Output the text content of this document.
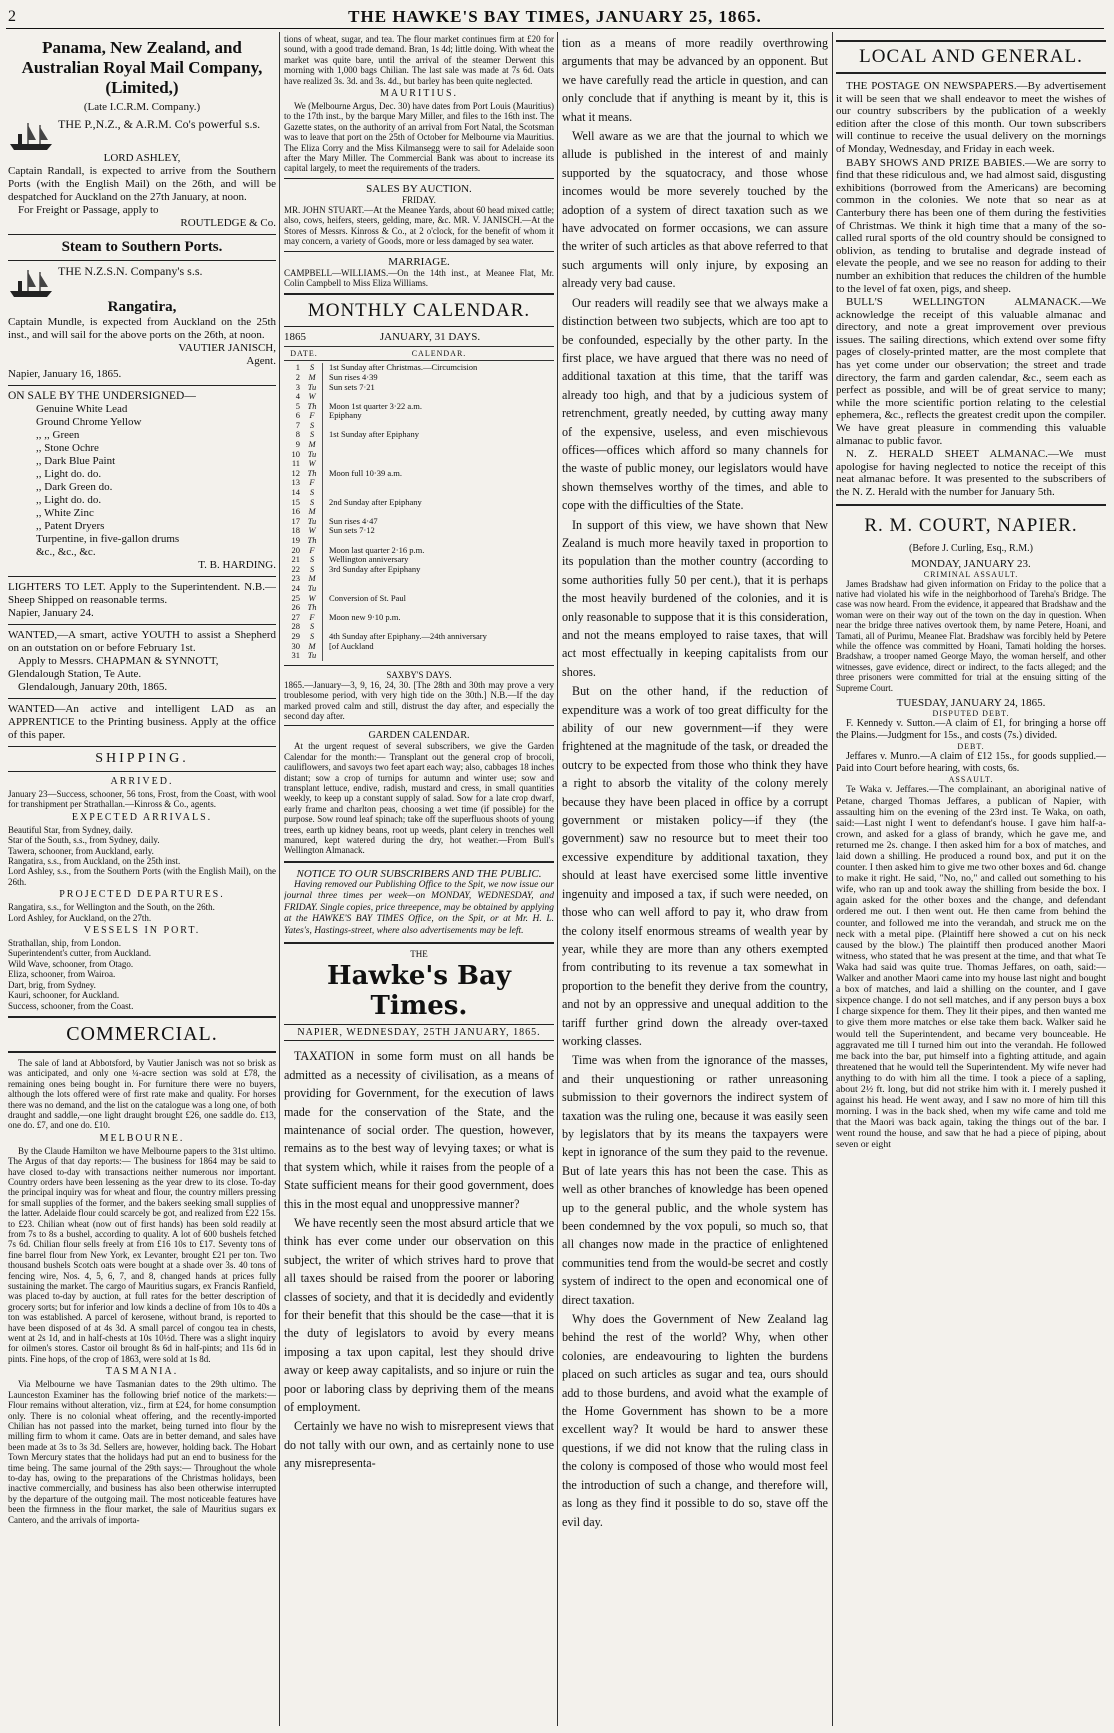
2	THE HAWKE'S BAY TIMES, JANUARY 25, 1865.
Panama, New Zealand, and Australian Royal Mail Company, (Limited,)
(Late I.C.R.M. Company.)
THE P.,N.Z., & A.R.M. Co's powerful s.s.
LORD ASHLEY,
Captain Randall, is expected to arrive from the Southern Ports (with the English Mail) on the 26th, and will be despatched for Auckland on the 27th January, at noon.
For Freight or Passage, apply to
ROUTLEDGE & Co.
Steam to Southern Ports.
THE N.Z.S.N. Company's s.s.
Rangatira,
Captain Mundle, is expected from Auckland on the 25th inst., and will sail for the above ports on the 26th, at noon.
VAUTIER JANISCH,
Agent.
Napier, January 16, 1865.
ON SALE BY THE UNDERSIGNED—
Genuine White Lead
Ground Chrome Yellow
,, ,, Green
,, Stone Ochre
,, Dark Blue Paint
,, Light do. do.
,, Dark Green do.
,, Light do. do.
,, White Zinc
,, Patent Dryers
Turpentine, in five-gallon drums
&c., &c., &c.
T. B. HARDING.
LIGHTERS TO LET. Apply to the Superintendent. N.B.—Sheep Shipped on reasonable terms.
Napier, January 24.
WANTED,—A smart, active YOUTH to assist a Shepherd on an outstation on or before February 1st.
Apply to Messrs. CHAPMAN & SYNNOTT, Glendalough Station, Te Aute.
Glendalough, January 20th, 1865.
WANTED—An active and intelligent LAD as an APPRENTICE to the Printing business. Apply at the office of this paper.
SHIPPING.
ARRIVED.
January 23—Success, schooner, 56 tons, Frost, from the Coast, with wool for transhipment per Strathallan.—Kinross & Co., agents.
EXPECTED ARRIVALS.
Beautiful Star, from Sydney, daily.
Star of the South, s.s., from Sydney, daily.
Tawera, schooner, from Auckland, early.
Rangatira, s.s., from Auckland, on the 25th inst.
Lord Ashley, s.s., from the Southern Ports (with the English Mail), on the 26th.
PROJECTED DEPARTURES.
Rangatira, s.s., for Wellington and the South, on the 26th.
Lord Ashley, for Auckland, on the 27th.
VESSELS IN PORT.
Strathallan, ship, from London.
Superintendent's cutter, from Auckland.
Wild Wave, schooner, from Otago.
Eliza, schooner, from Wairoa.
Dart, brig, from Sydney.
Kauri, schooner, for Auckland.
Success, schooner, from the Coast.
COMMERCIAL.

The sale of land at Abbotsford, by Vautier Janisch was not so brisk as was anticipated, and only one ¼-acre section was sold at £78, the remaining ones being bought in. For furniture there were no buyers, although the lots offered were of first rate make and quality. For horses there was no demand, and the list on the catalogue was a long one, of both draught and saddle,—one light draught brought £26, one saddle do. £13, one do. £7, and one do. £10.

MELBOURNE.

By the Claude Hamilton we have Melbourne papers to the 31st ultimo. The Argus of that day reports:— The business for 1864 may be said to have closed to-day with transactions neither numerous nor important. Country orders have been lessening as the year drew to its close. To-day the principal inquiry was for wheat and flour, the country millers pressing for small supplies of the former, and the bakers seeking small supplies of the latter. Adelaide flour could scarcely be got, and realized from £22 15s. to £23. Chilian wheat (now out of first hands) has been sold readily at from 7s to 8s a bushel, according to quality. A lot of 600 bushels fetched 7s 6d. Chilian flour sells freely at from £16 10s to £17. Seventy tons of fine barrel flour from New York, ex Levanter, brought £21 per ton. Two thousand bushels Scotch oats were bought at a shade over 3s. 40 tons of fencing wire, Nos. 4, 5, 6, 7, and 8, changed hands at prices fully sustaining the market. The cargo of Mauritius sugars, ex Francis Ranfield, was placed to-day by auction, at full rates for the better description of grocery sorts; but for inferior and low kinds a decline of from 10s to 40s a ton was established. A parcel of kerosene, without brand, is reported to have been disposed of at 4s 3d. A small parcel of congou tea in chests, went at 2s 1d, and in half-chests at 10s 10½d. There was a slight inquiry for oilmen's stores. Castor oil brought 8s 6d in half-pints; and 11s 6d in pints. Fine hops, of the crop of 1863, were sold at 1s 8d.

TASMANIA.

Via Melbourne we have Tasmanian dates to the 29th ultimo. The Launceston Examiner has the following brief notice of the markets:— Flour remains without alteration, viz., firm at £24, for home consumption only. There is no colonial wheat offering, and the recently-imported Chilian has not passed into the market, being turned into flour by the milling firm to whom it came. Oats are in better demand, and sales have been made at 3s to 3s 3d. Sellers are, however, holding back. The Hobart Town Mercury states that the holidays had put an end to business for the time being. The same journal of the 29th says:— Throughout the whole to-day has, owing to the preparations of the Christmas holidays, been inactive commercially, and business has also been otherwise interrupted by the departure of the outgoing mail. The most noticeable features have been the firmness in the flour market, the sale of Mauritius sugars ex Cantero, and the arrivals of importa-

tions of wheat, sugar, and tea. The flour market continues firm at £20 for sound, with a good trade demand. Bran, 1s 4d; little doing. With wheat the market was quite bare, until the arrival of the steamer Derwent this morning with 1,000 bags Chilian. The last sale was made at 7s 6d. Oats have realized 3s. 3d. and 3s. 4d., but barley has been quite neglected.

MAURITIUS.

We (Melbourne Argus, Dec. 30) have dates from Port Louis (Mauritius) to the 17th inst., by the barque Mary Miller, and files to the 16th inst. The Gazette states, on the authority of an arrival from Fort Natal, the Scotsman was to leave that port on the 25th of October for Melbourne via Mauritius. The Eliza Corry and the Miss Kilmansegg were to sail for Adelaide soon after the Mary Miller. The Commercial Bank was about to increase its capital largely, to meet the requirements of the traders.

SALES BY AUCTION.
FRIDAY.

MR. JOHN STUART.—At the Meanee Yards, about 60 head mixed cattle; also, cows, heifers, steers, gelding, mare, &c. MR. V. JANISCH.—At the Stores of Messrs. Kinross & Co., at 2 o'clock, for the benefit of whom it may concern, a variety of Goods, more or less damaged by sea water.

MARRIAGE.

CAMPBELL—WILLIAMS.—On the 14th inst., at Meanee Flat, Mr. Colin Campbell to Miss Eliza Williams.

MONTHLY CALENDAR.
1865	JANUARY, 31 DAYS.
DATE.	CALENDAR.
1	S	1st Sunday after Christmas.—Circumcision
2	M	Sun rises 4·39
3	Tu	Sun sets 7·21
4	W	
5	Th	Moon 1st quarter 3·22 a.m.
6	F	Epiphany
7	S	
8	S	1st Sunday after Epiphany
9	M	
10	Tu	
11	W	
12	Th	Moon full 10·39 a.m.
13	F	
14	S	
15	S	2nd Sunday after Epiphany
16	M	
17	Tu	Sun rises 4·47
18	W	Sun sets 7·12
19	Th	
20	F	Moon last quarter 2·16 p.m.
21	S	Wellington anniversary
22	S	3rd Sunday after Epiphany
23	M	
24	Tu	
25	W	Conversion of St. Paul
26	Th	
27	F	Moon new 9·10 p.m.
28	S	
29	S	4th Sunday after Epiphany.—24th anniversary
30	M	[of Auckland
31	Tu	
SAXBY'S DAYS.

1865.—January—3, 9, 16, 24, 30. [The 28th and 30th may prove a very troublesome period, with very high tide on the 30th.] N.B.—If the day marked proved calm and still, distrust the day after, and especially the second day after.

GARDEN CALENDAR.

At the urgent request of several subscribers, we give the Garden Calendar for the month:— Transplant out the general crop of brocoli, cauliflowers, and savoys two feet apart each way; also, cabbages 18 inches distant; sow a crop of turnips for autumn and winter use; sow and transplant lettuce, endive, radish, mustard and cress, in small quantities weekly, to keep up a constant supply of salad. Sow for a late crop dwarf, early frame and charlton peas, choosing a wet time (if possible) for the purpose. Sow round leaf spinach; take off the superfluous shoots of young trees, earth up kidney beans, root up weeds, plant celery in trenches well manured, kept watered during the dry, hot weather.—From Bull's Wellington Almanack.

NOTICE TO OUR SUBSCRIBERS AND THE PUBLIC.

Having removed our Publishing Office to the Spit, we now issue our journal three times per week—on MONDAY, WEDNESDAY, and FRIDAY. Single copies, price threepence, may be obtained by applying at the HAWKE'S BAY TIMES Office, on the Spit, or at Mr. H. L. Yates's, Hastings-street, where also advertisements may be left.

THE
Hawke's Bay Times.
NAPIER, WEDNESDAY, 25TH JANUARY, 1865.

TAXATION in some form must on all hands be admitted as a necessity of civilisation, as a means of providing for Government, for the execution of laws made for the conservation of the State, and the maintenance of social order. The question, however, remains as to the best way of levying taxes; or what is that system which, while it raises from the people of a State sufficient means for their good government, does this in the most equal and unoppressive manner?

We have recently seen the most absurd article that we think has ever come under our observation on this subject, the writer of which strives hard to prove that all taxes should be raised from the poorer or laboring classes of society, and that it is decidedly and evidently for their benefit that this should be the case—that it is the duty of legislators to avoid by every means imposing a tax upon capital, lest they should drive away or keep away capitalists, and so injure or ruin the poor or laboring class by depriving them of the means of employment.

Certainly we have no wish to misrepresent views that do not tally with our own, and as certainly none to use any misrepresenta-

tion as a means of more readily overthrowing arguments that may be advanced by an opponent. But we have carefully read the article in question, and can only conclude that if anything is meant by it, this is what it means.

Well aware as we are that the journal to which we allude is published in the interest of and mainly supported by the squatocracy, and those whose incomes would be more severely touched by the adoption of a system of direct taxation such as we have advocated on former occasions, we can assure the writer of such articles as that above referred to that such arguments will only injure, by exposing an already very bad cause.

Our readers will readily see that we always make a distinction between two subjects, which are too apt to be confounded, especially by the other party. In the first place, we have argued that there was no need of additional taxation at this time, that the tariff was already too high, and that by a judicious system of retrenchment, greatly needed, by cutting away many of the expensive, useless, and even mischievous offices—offices which afford so many channels for the waste of public money, our legislators would have shown themselves worthy of the times, and able to cope with the difficulties of the State.

In support of this view, we have shown that New Zealand is much more heavily taxed in proportion to its population than the mother country (according to some authorities fully 50 per cent.), that it is perhaps the most heavily burdened of the colonies, and it is only reasonable to suppose that it is this consideration, and not the means employed to raise taxes, that will act most effectually in keeping capitalists from our shores.

But on the other hand, if the reduction of expenditure was a work of too great difficulty for the ability of our new government—if they were frightened at the magnitude of the task, or dreaded the outcry to be expected from those who think they have a right to absorb the vitality of the colony merely because they have been placed in office by a corrupt government or mistaken policy—if they (the government) saw no resource but to meet their too excessive expenditure by additional taxation, they should at least have exercised some little inventive ingenuity and imposed a tax, if such were needed, on those who can well afford to pay it, who draw from the colony itself enormous streams of wealth year by year, while they are more than any others exempted from contributing to its revenue a tax somewhat in proportion to the benefit they derive from the country, and not by an oppressive and unequal addition to the tariff further grind down the already over-taxed working classes.

Time was when from the ignorance of the masses, and their unquestioning or rather unreasoning submission to their governors the indirect system of taxation was the ruling one, because it was easily seen by legislators that by its means the taxpayers were kept in ignorance of the sum they paid to the revenue. But of late years this has not been the case. This as well as other branches of knowledge has been opened up to the general public, and the whole system has been condemned by the vox populi, so much so, that all changes now made in the practice of enlightened communities tend from the would-be secret and costly system of indirect to the open and economical one of direct taxation.

Why does the Government of New Zealand lag behind the rest of the world? Why, when other colonies, are endeavouring to lighten the burdens placed on such articles as sugar and tea, ours should add to those burdens, and avoid what the example of the Home Government has shown to be a more excellent way? It would be hard to answer these questions, if we did not know that the ruling class in the colony is composed of those who would most feel the introduction of such a change, and therefore will, as long as they find it possible to do so, stave off the evil day.

LOCAL AND GENERAL.

THE POSTAGE ON NEWSPAPERS.—By advertisement it will be seen that we shall endeavor to meet the wishes of our country subscribers by the publication of a weekly edition after the close of this month. Our town subscribers will continue to receive the usual delivery on the mornings of Monday, Wednesday, and Friday in each week.

BABY SHOWS AND PRIZE BABIES.—We are sorry to find that these ridiculous and, we had almost said, disgusting exhibitions (borrowed from the Americans) are becoming common in the colonies. We note that so near as at Canterbury there has been one of them during the festivities of Christmas. We think it high time that a many of the so-called rural sports of the old country should be consigned to oblivion, as tending to brutalise and degrade instead of elevate the people, and we see no reason for adding to their number an exhibition that reduces the children of the humble to the level of fat oxen, pigs, and sheep.

BULL'S WELLINGTON ALMANACK.—We acknowledge the receipt of this valuable almanac and directory, and note a great improvement over previous issues. The sailing directions, which extend over some fifty pages of closely-printed matter, are the most complete that has yet come under our observation; the street and trade directory, the farm and garden calendar, &c., seem each as perfect as possible, and will be of great service to many; while the more scientific portion relating to the celestial ephemera, &c., reflects the greatest credit upon the compiler. We have great pleasure in commending this valuable almanac to public favor.

N. Z. HERALD SHEET ALMANAC.—We must apologise for having neglected to notice the receipt of this neat almanac before. It was presented to the subscribers of the N. Z. Herald with the number for January 5th.

R. M. COURT, NAPIER.
(Before J. Curling, Esq., R.M.)
MONDAY, JANUARY 23.
CRIMINAL ASSAULT.

James Bradshaw had given information on Friday to the police that a native had violated his wife in the neighborhood of Tareha's Bridge. The case was now heard. From the evidence, it appeared that Bradshaw and the woman were on their way out of the town on the day in question. When near the bridge three natives overtook them, by name Petere, Hoani, and Tamati, all of Purimu, Meanee Flat. Bradshaw was forcibly held by Petere while the offence was committed by Hoani, Tamati holding the horses. Bradshaw, a trooper named George Mayo, the woman herself, and other witnesses, gave evidence, direct or indirect, to the facts alleged; and the three prisoners were committed for trial at the ensuing sitting of the Supreme Court.

TUESDAY, JANUARY 24, 1865.
DISPUTED DEBT.

F. Kennedy v. Sutton.—A claim of £1, for bringing a horse off the Plains.—Judgment for 15s., and costs (7s.) divided.

DEBT.

Jeffares v. Munro.—A claim of £12 15s., for goods supplied.—Paid into Court before hearing, with costs, 6s.

ASSAULT.

Te Waka v. Jeffares.—The complainant, an aboriginal native of Petane, charged Thomas Jeffares, a publican of Napier, with assaulting him on the evening of the 23rd inst. Te Waka, on oath, said:—Last night I went to defendant's house. I gave him half-a-crown, and asked for a glass of brandy, which he gave me, and returned me 2s. change. I then asked him for a box of matches, and laid down a shilling. He produced a round box, and put it on the counter. I then asked him to give me two other boxes and 6d. change to make it right. He said, "No, no," and called out something to his wife, who ran up and took away the shilling from beside the box. I again asked for the other boxes and the change, and defendant ordered me out. I then went out. He then came from behind the counter, and followed me into the verandah, and struck me on the neck with a metal pipe. (Plaintiff here showed a cut on his neck caused by the blow.) The plaintiff then produced another Maori witness, who stated that he was present at the time, and that what Te Waka had said was quite true. Thomas Jeffares, on oath, said:—Walker and another Maori came into my house last night and bought a box of matches, and laid a shilling on the counter, and I gave sixpence change. I do not sell matches, and if any person buys a box I charge sixpence for them. They lit their pipes, and then wanted me to give them more matches or else take them back. Walker said he would tell the Superintendent, and became very bounceable. He aggravated me till I turned him out into the verandah. He followed me back into the bar, put himself into a fighting attitude, and again threatened that he would tell the Superintendent. My wife never had anything to do with him all the time. I took a piece of a sapling, about 2½ ft. long, but did not strike him with it. I merely pushed it against his head. He went away, and I saw no more of him till this morning. I was in the back shed, when my wife came and told me that the Maori was back again, taking the things out of the bar. I went round the house, and saw that he had a piece of piping, about seven or eight
